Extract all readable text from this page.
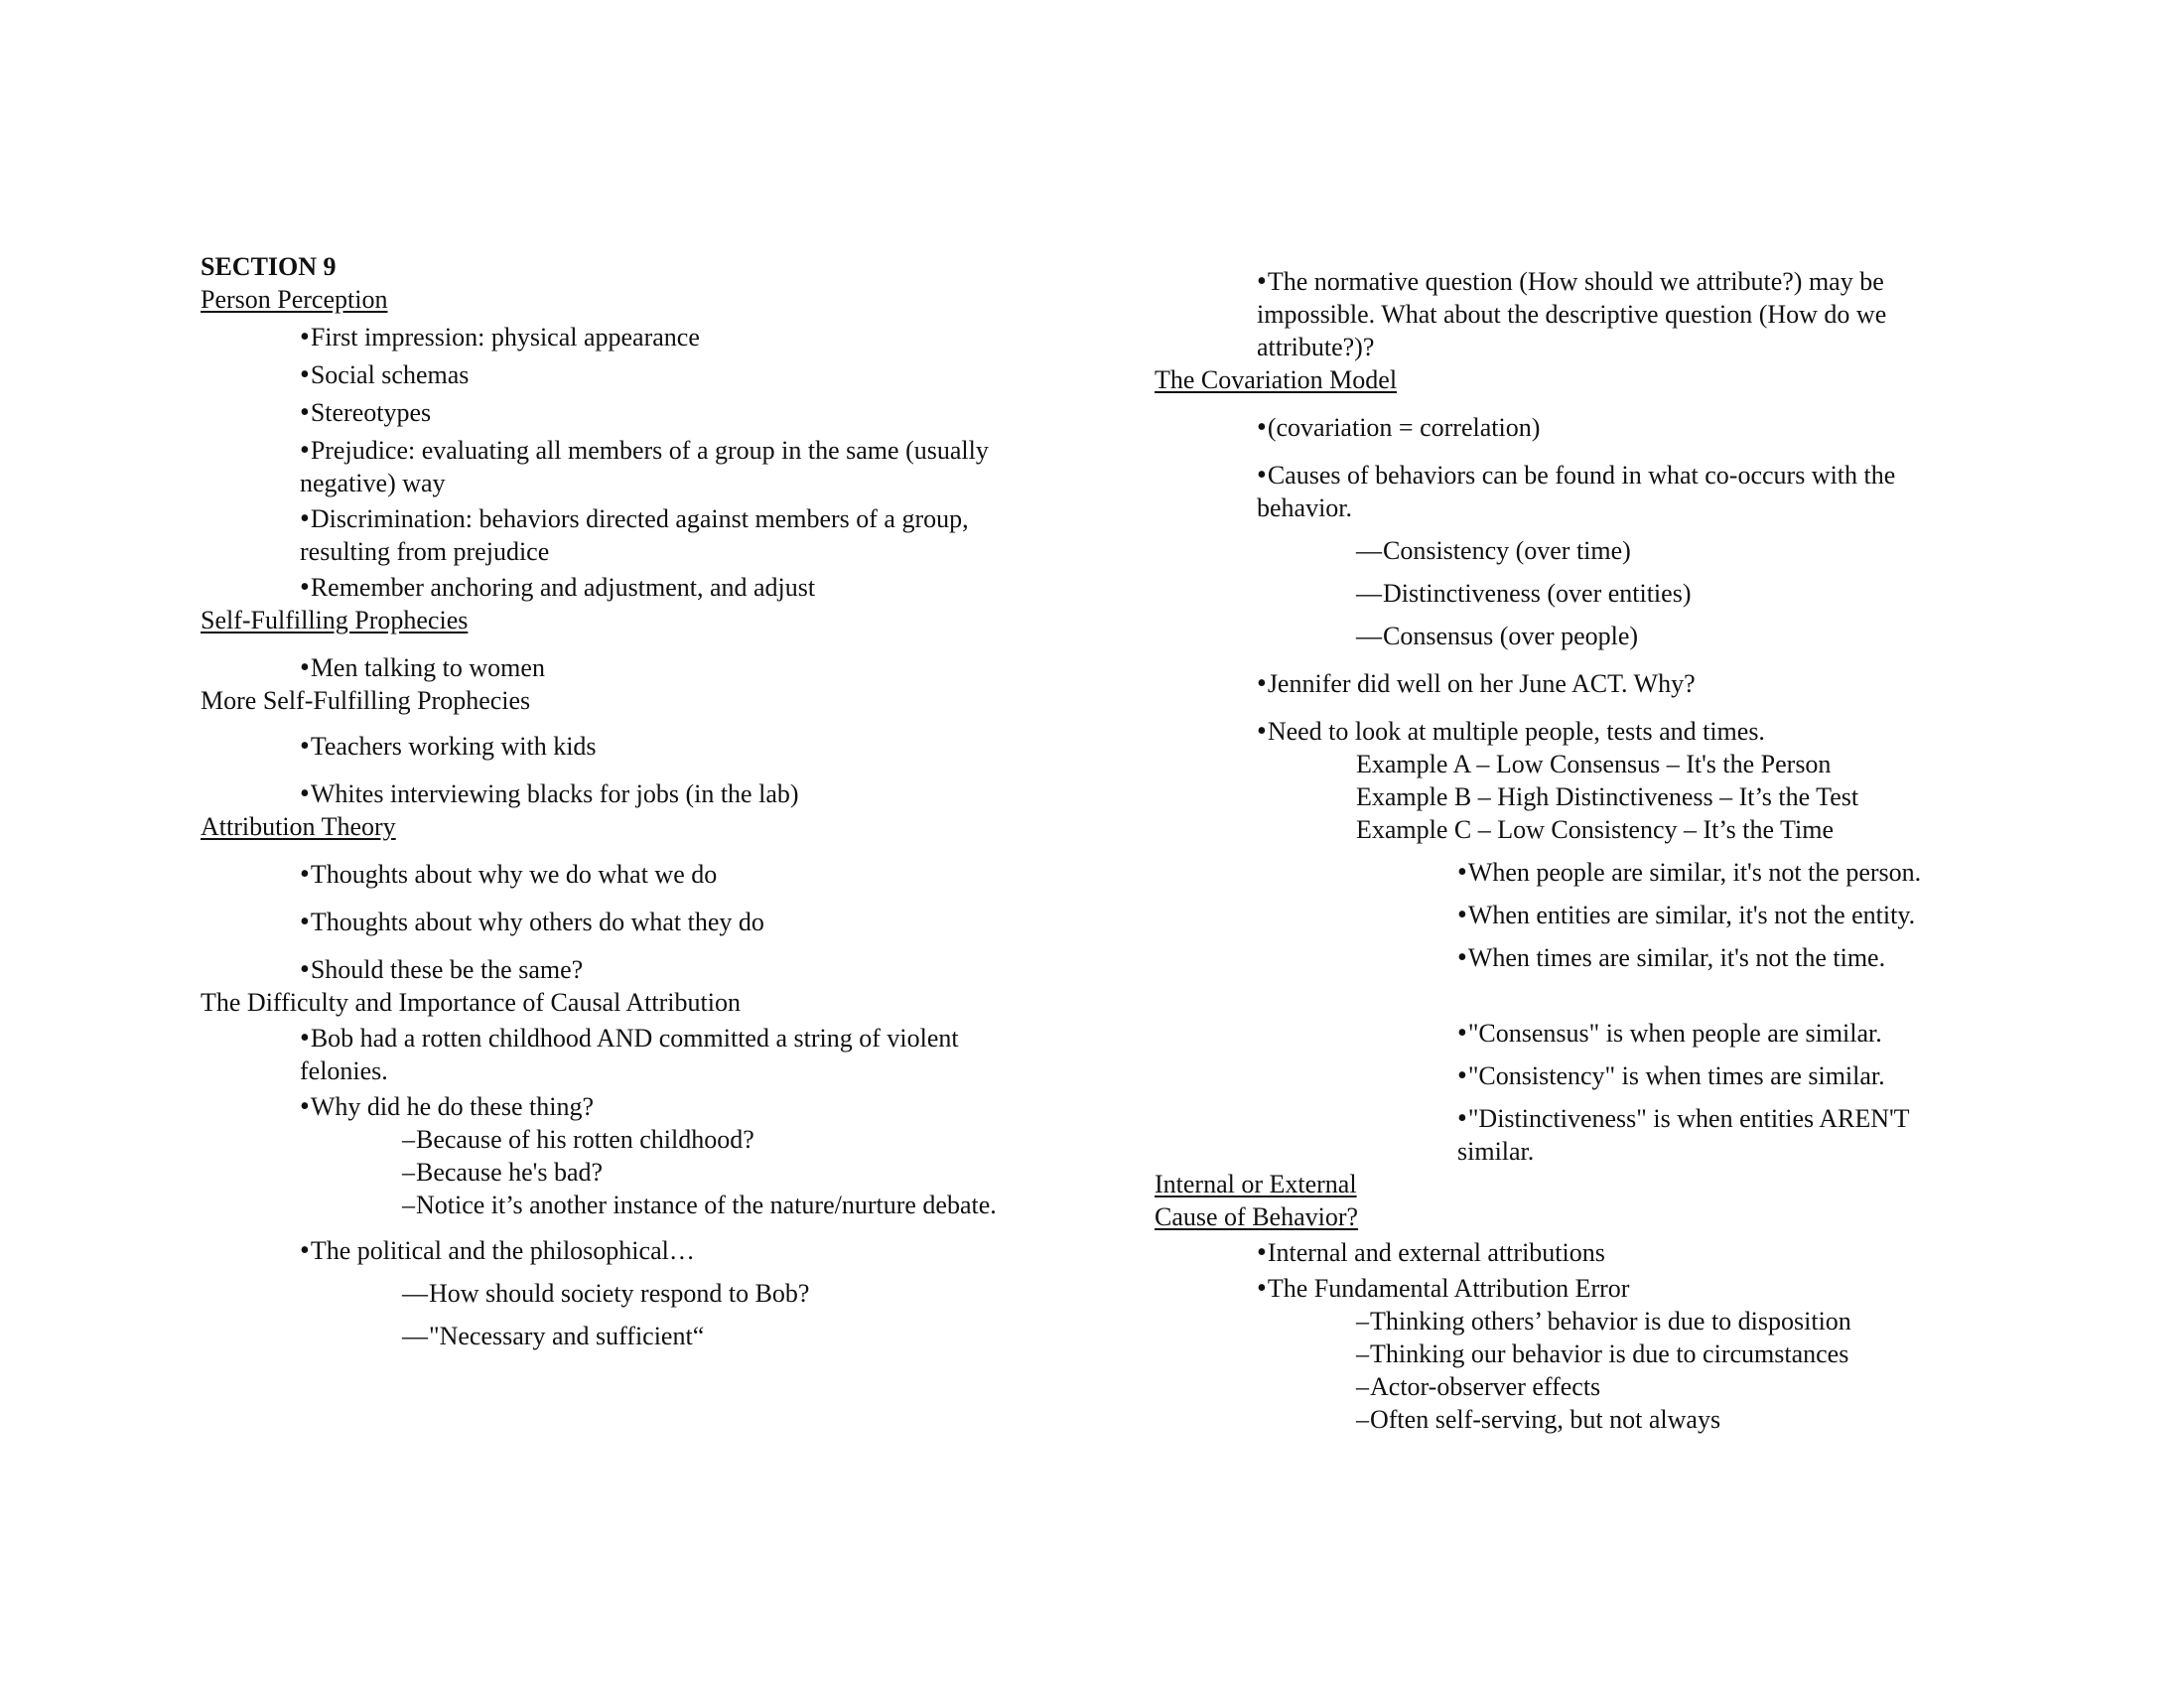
SECTION 9
Person Perception
• First impression: physical appearance
• Social schemas
• Stereotypes
• Prejudice: evaluating all members of a group in the same (usually
negative) way
• Discrimination: behaviors directed against members of a group,
resulting from prejudice
• Remember anchoring and adjustment, and adjust
Self-Fulfilling Prophecies
• Men talking to women
More Self-Fulfilling Prophecies
• Teachers working with kids
• Whites interviewing blacks for jobs (in the lab)
Attribution Theory
• Thoughts about why we do what we do
• Thoughts about why others do what they do
• Should these be the same?
The Difficulty and Importance of Causal Attribution
• Bob had a rotten childhood AND committed a string of violent
felonies.
• Why did he do these thing?
– Because of his rotten childhood?
– Because he's bad?
– Notice it’s another instance of the nature/nurture debate.
• The political and the philosophical…
— How should society respond to Bob?
— "Necessary and sufficient“
• The normative question (How should we attribute?) may be
impossible. What about the descriptive question (How do we
attribute?)?
The Covariation Model
• (covariation = correlation)
• Causes of behaviors can be found in what co-occurs with the
behavior.
— Consistency (over time)
— Distinctiveness (over entities)
— Consensus (over people)
• Jennifer did well on her June ACT. Why?
• Need to look at multiple people, tests and times.
Example A – Low Consensus – It's the Person
Example B – High Distinctiveness – It’s the Test
Example C – Low Consistency – It’s the Time
• When people are similar, it's not the person.
• When entities are similar, it's not the entity.
• When times are similar, it's not the time.
• "Consensus" is when people are similar.
• "Consistency" is when times are similar.
• "Distinctiveness" is when entities AREN'T
similar.
Internal or External
Cause of Behavior?
• Internal and external attributions
• The Fundamental Attribution Error
– Thinking others’ behavior is due to disposition
– Thinking our behavior is due to circumstances
– Actor-observer effects
– Often self-serving, but not always
